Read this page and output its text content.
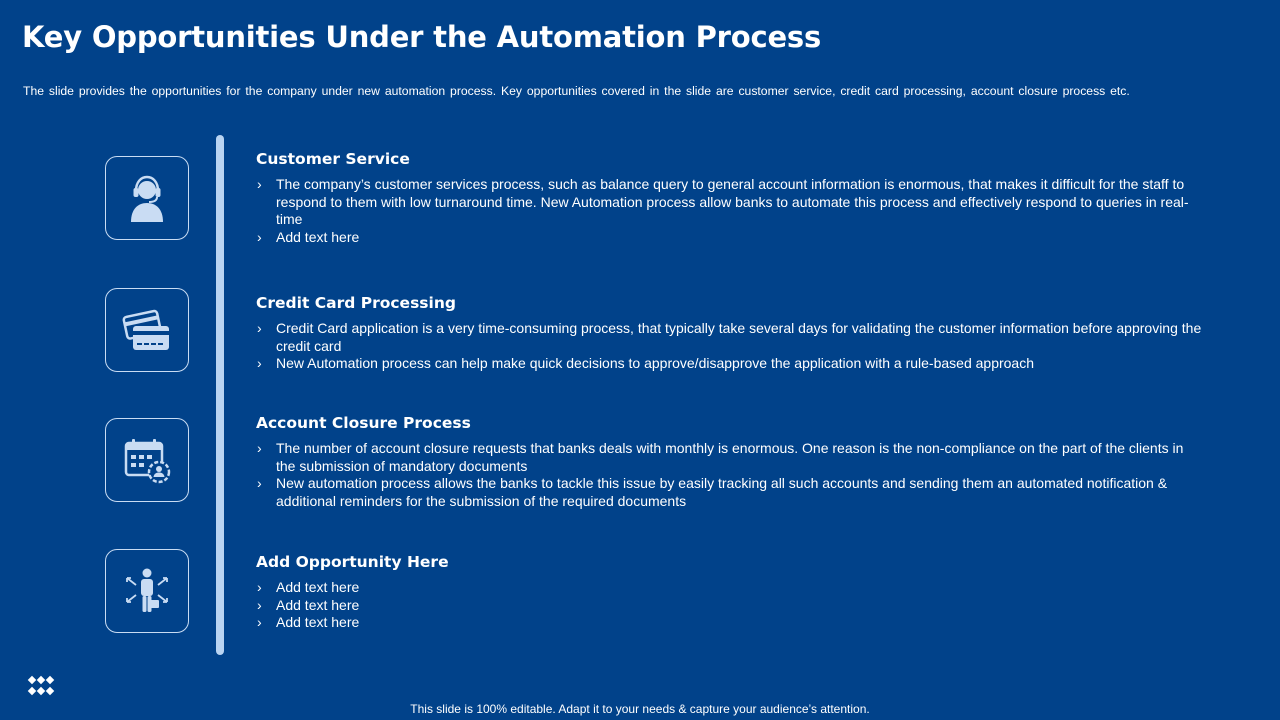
Key Opportunities Under the Automation Process
The slide provides the opportunities for the company under new automation process. Key opportunities covered in the slide are customer service, credit card processing, account closure process etc.
Customer Service
› The company’s customer services process, such as balance query to general account information is enormous, that makes it difficult for the staff to respond to them with low turnaround time. New Automation process allow banks to automate this process and effectively respond to queries in real-time
› Add text here
Credit Card Processing
› Credit Card application is a very time-consuming process, that typically take several days for validating the customer information before approving the credit card
› New Automation process can help make quick decisions to approve/disapprove the application with a rule-based approach
Account Closure Process
› The number of account closure requests that banks deals with monthly is enormous. One reason is the non-compliance on the part of the clients in the submission of mandatory documents
› New automation process allows the banks to tackle this issue by easily tracking all such accounts and sending them an automated notification & additional reminders for the submission of the required documents
Add Opportunity Here
› Add text here
› Add text here
› Add text here
This slide is 100% editable. Adapt it to your needs & capture your audience’s attention.
